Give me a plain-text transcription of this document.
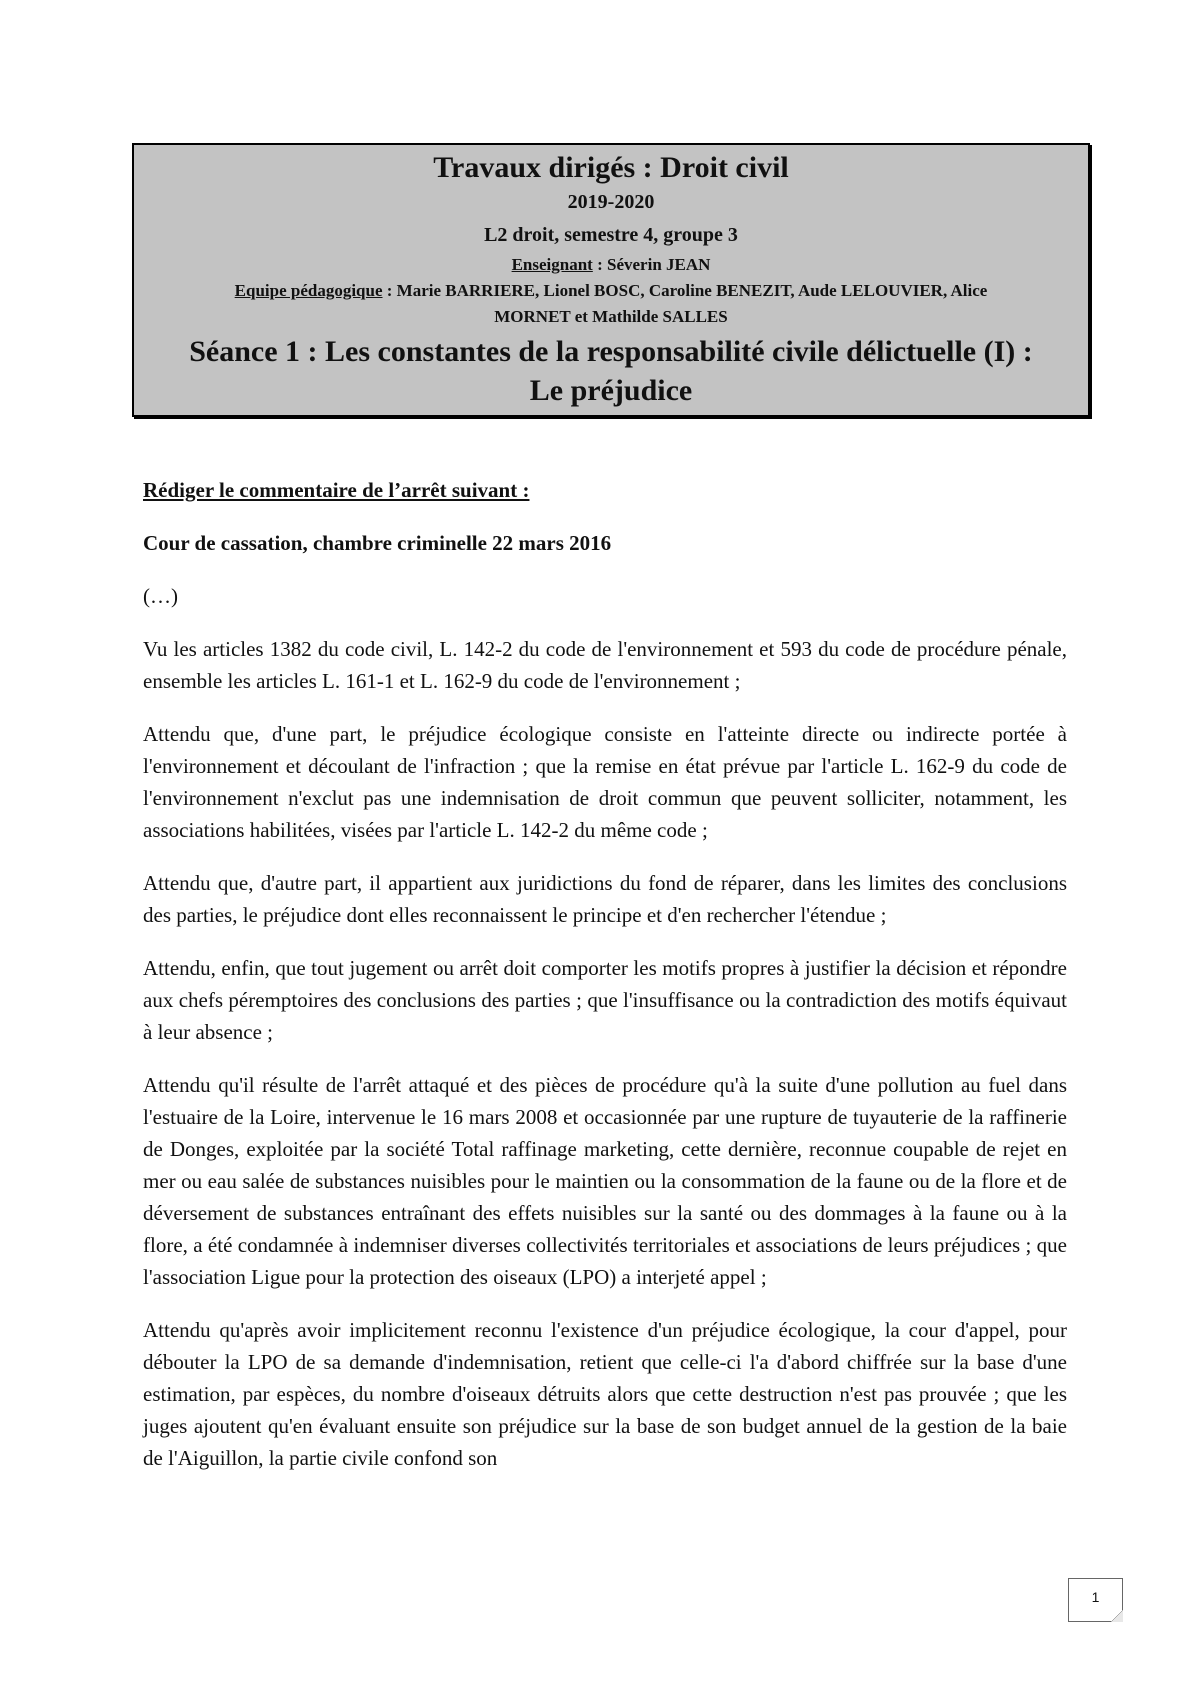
Travaux dirigés : Droit civil
2019-2020
L2 droit, semestre 4, groupe 3
Enseignant : Séverin JEAN
Equipe pédagogique : Marie BARRIERE, Lionel BOSC, Caroline BENEZIT, Aude LELOUVIER, Alice
MORNET et Mathilde SALLES
Séance 1 : Les constantes de la responsabilité civile délictuelle (I) :
Le préjudice

Rédiger le commentaire de l’arrêt suivant :

Cour de cassation, chambre criminelle 22 mars 2016

(…)

Vu les articles 1382 du code civil, L. 142-2 du code de l'environnement et 593 du code de procédure pénale, ensemble les articles L. 161-1 et L. 162-9 du code de l'environnement ;

Attendu que, d'une part, le préjudice écologique consiste en l'atteinte directe ou indirecte portée à l'environnement et découlant de l'infraction ; que la remise en état prévue par l'article L. 162-9 du code de l'environnement n'exclut pas une indemnisation de droit commun que peuvent solliciter, notamment, les associations habilitées, visées par l'article L. 142-2 du même code ;

Attendu que, d'autre part, il appartient aux juridictions du fond de réparer, dans les limites des conclusions des parties, le préjudice dont elles reconnaissent le principe et d'en rechercher l'étendue ;

Attendu, enfin, que tout jugement ou arrêt doit comporter les motifs propres à justifier la décision et répondre aux chefs péremptoires des conclusions des parties ; que l'insuffisance ou la contradiction des motifs équivaut à leur absence ;

Attendu qu'il résulte de l'arrêt attaqué et des pièces de procédure qu'à la suite d'une pollution au fuel dans l'estuaire de la Loire, intervenue le 16 mars 2008 et occasionnée par une rupture de tuyauterie de la raffinerie de Donges, exploitée par la société Total raffinage marketing, cette dernière, reconnue coupable de rejet en mer ou eau salée de substances nuisibles pour le maintien ou la consommation de la faune ou de la flore et de déversement de substances entraînant des effets nuisibles sur la santé ou des dommages à la faune ou à la flore, a été condamnée à indemniser diverses collectivités territoriales et associations de leurs préjudices ; que l'association Ligue pour la protection des oiseaux (LPO) a interjeté appel ;

Attendu qu'après avoir implicitement reconnu l'existence d'un préjudice écologique, la cour d'appel, pour débouter la LPO de sa demande d'indemnisation, retient que celle-ci l'a d'abord chiffrée sur la base d'une estimation, par espèces, du nombre d'oiseaux détruits alors que cette destruction n'est pas prouvée ; que les juges ajoutent qu'en évaluant ensuite son préjudice sur la base de son budget annuel de la gestion de la baie de l'Aiguillon, la partie civile confond son

1
